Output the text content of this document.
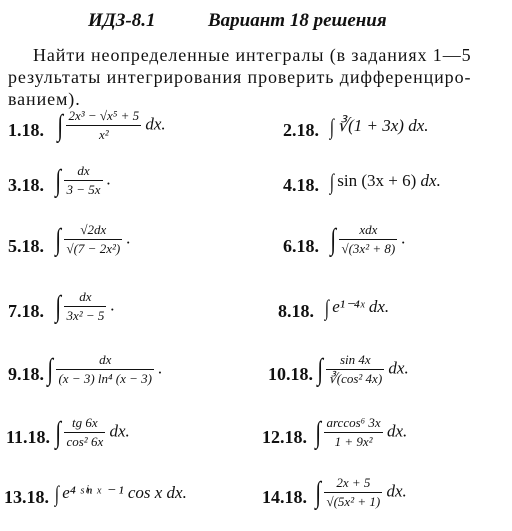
ИДЗ-8.1	Вариант 18 решения
Найти неопределенные интегралы (в заданиях 1—5
результаты интегрирования проверить дифференциро-
ванием).
1.18. ∫ $\frac{\text{2x³ − √x⁵ + 5}}{\text{x²}}$ dx.	2.18. ∫ ∛(1 + 3x) dx.
3.18. ∫ $\frac{dx}{3 - 5x}$ .	4.18. ∫ sin (3x + 6) dx.
5.18. ∫ $\frac{√2dx}{\text{√(7 − 2x²)}}$ .	6.18. ∫ $\frac{\text{xdx}}{\text{√(3x² + 8)}}$ .
7.18. ∫ $\frac{dx}{\text{3x² − 5}}$ .	8.18. ∫ e¹⁻⁴ˣ dx.
9.18. ∫ $\frac{dx}{\text{(x − 3) ln⁴ (x − 3)}}$ .	10.18. ∫ $\frac{\sin 4x}{\text{∛(cos² 4x)}}$ dx.
11.18. ∫ $\frac{tg 6x}{\text{cos² 6x}}$ dx.	12.18. ∫ $\frac{\text{arccos⁶ 3x}}{\text{1 + 9x²}}$ dx.
13.18. ∫ e⁴ ˢⁱⁿ ˣ ⁻ ¹ cos x dx.	14.18. ∫ $\frac{2x + 5}{\text{√(5x² + 1)}}$ dx.
